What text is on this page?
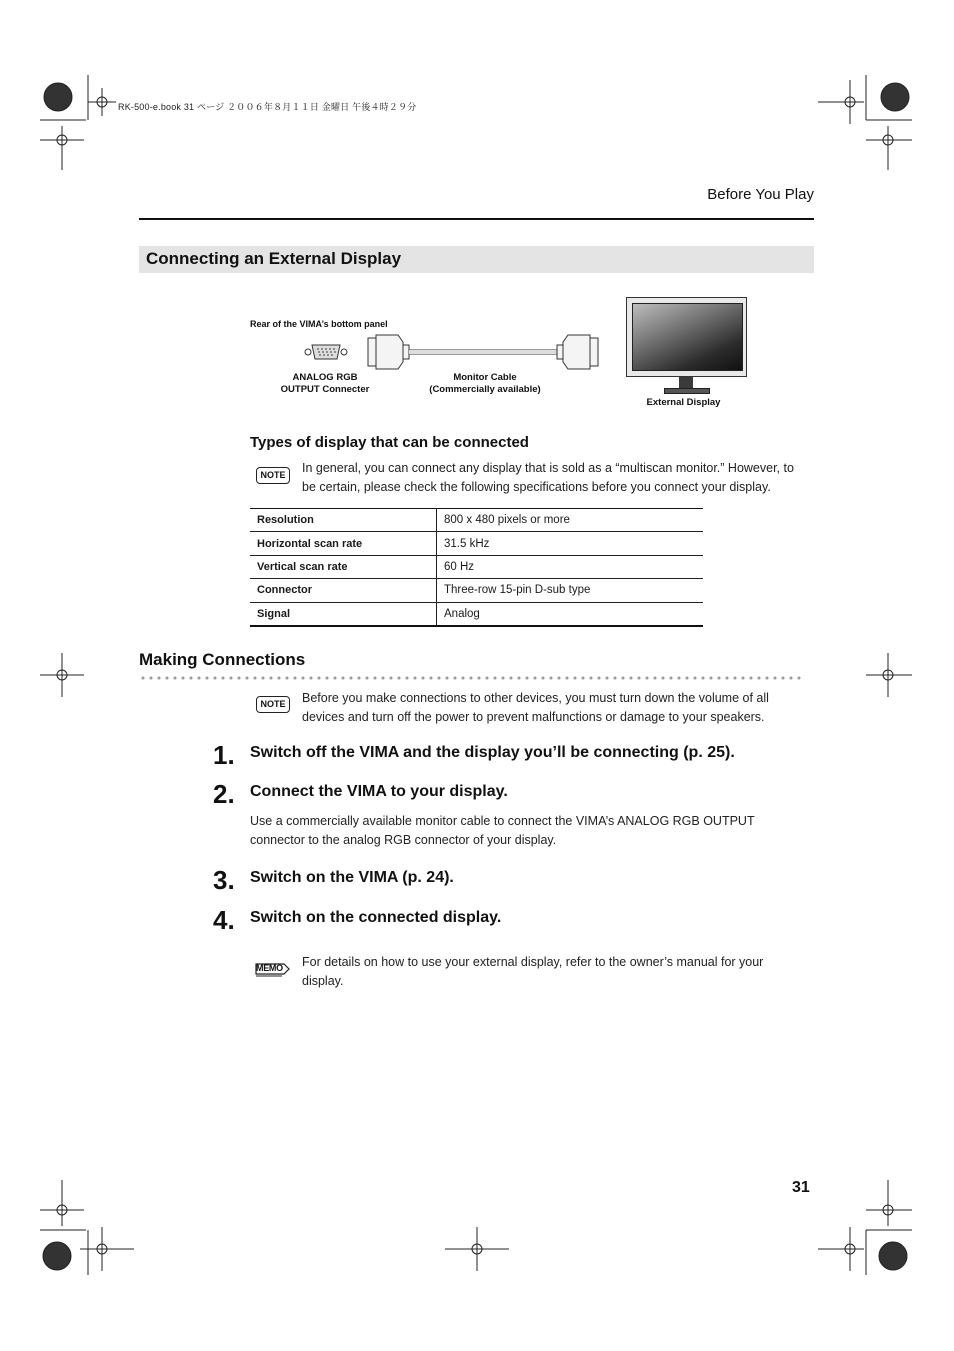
RK-500-e.book 31 ページ ２００６年８月１１日 金曜日 午後４時２９分
Before You Play
Connecting an External Display
Rear of the VIMA’s bottom panel
ANALOG RGB
OUTPUT Connecter
Monitor Cable
(Commercially available)
External Display
Types of display that can be connected
NOTE	In general, you can connect any display that is sold as a “multiscan monitor.” However, to be certain, please check the following specifications before you connect your display.
Resolution	800 x 480 pixels or more
Horizontal scan rate	31.5 kHz
Vertical scan rate	60 Hz
Connector	Three-row 15-pin D-sub type
Signal	Analog
Making Connections
NOTE	Before you make connections to other devices, you must turn down the volume of all devices and turn off the power to prevent malfunctions or damage to your speakers.
1. Switch off the VIMA and the display you’ll be connecting (p. 25).
2. Connect the VIMA to your display.
Use a commercially available monitor cable to connect the VIMA’s ANALOG RGB OUTPUT connector to the analog RGB connector of your display.
3. Switch on the VIMA (p. 24).
4. Switch on the connected display.
MEMO For details on how to use your external display, refer to the owner’s manual for your display.
31
